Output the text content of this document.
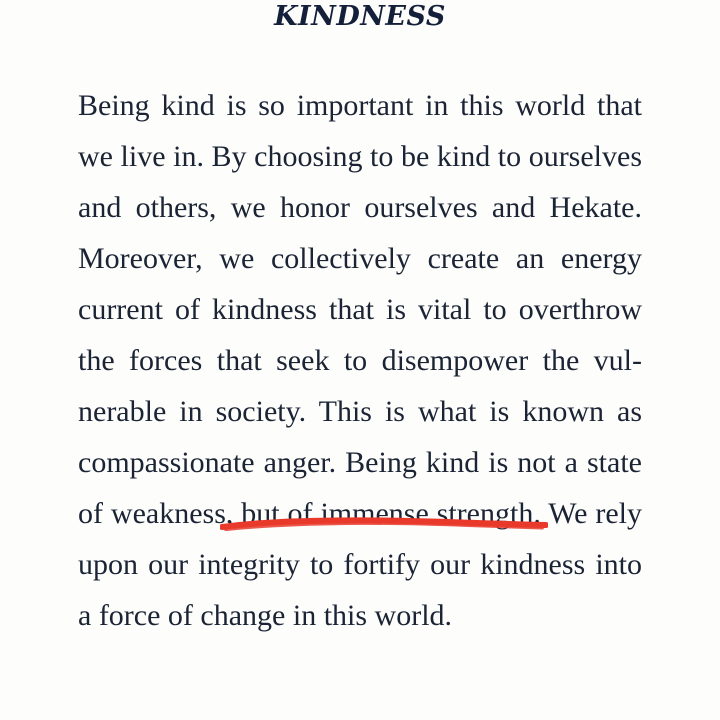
KINDNESS

Being kind is so important in this world that we live in. By choosing to be kind to ourselves and others, we honor ourselves and Hekate. Moreover, we collectively create an energy current of kindness that is vital to overthrow the forces that seek to disempower the vul-nerable in society. This is what is known as compassionate anger. Being kind is not a state of weakness, but of immense strength. We rely upon our integrity to fortify our kindness into a force of change in this world.
